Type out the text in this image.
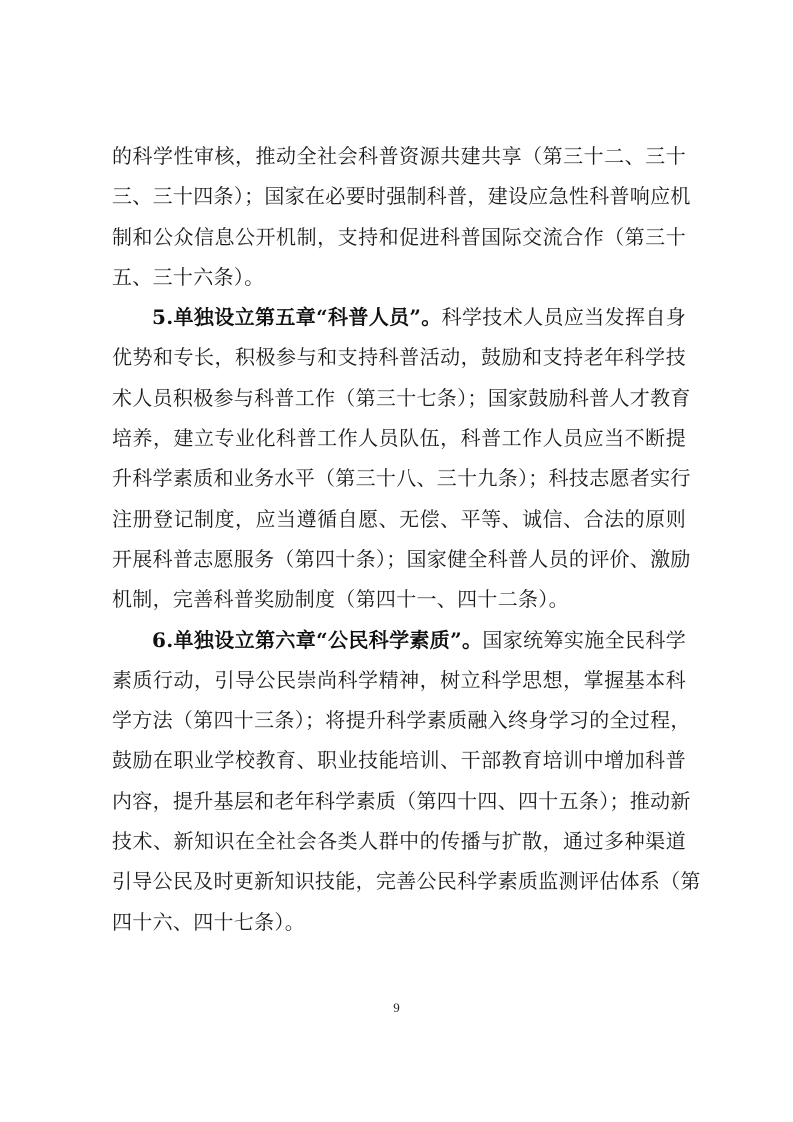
的科学性审核，推动全社会科普资源共建共享（第三十二、三十
三、三十四条）；国家在必要时强制科普，建设应急性科普响应机
制和公众信息公开机制，支持和促进科普国际交流合作（第三十
五、三十六条）。
5.单独设立第五章“科普人员”。科学技术人员应当发挥自身
优势和专长，积极参与和支持科普活动，鼓励和支持老年科学技
术人员积极参与科普工作（第三十七条）；国家鼓励科普人才教育
培养，建立专业化科普工作人员队伍，科普工作人员应当不断提
升科学素质和业务水平（第三十八、三十九条）；科技志愿者实行
注册登记制度，应当遵循自愿、无偿、平等、诚信、合法的原则
开展科普志愿服务（第四十条）；国家健全科普人员的评价、激励
机制，完善科普奖励制度（第四十一、四十二条）。
6.单独设立第六章“公民科学素质”。国家统筹实施全民科学
素质行动，引导公民崇尚科学精神，树立科学思想，掌握基本科
学方法（第四十三条）；将提升科学素质融入终身学习的全过程，
鼓励在职业学校教育、职业技能培训、干部教育培训中增加科普
内容，提升基层和老年科学素质（第四十四、四十五条）；推动新
技术、新知识在全社会各类人群中的传播与扩散，通过多种渠道
引导公民及时更新知识技能，完善公民科学素质监测评估体系（第
四十六、四十七条）。
9
